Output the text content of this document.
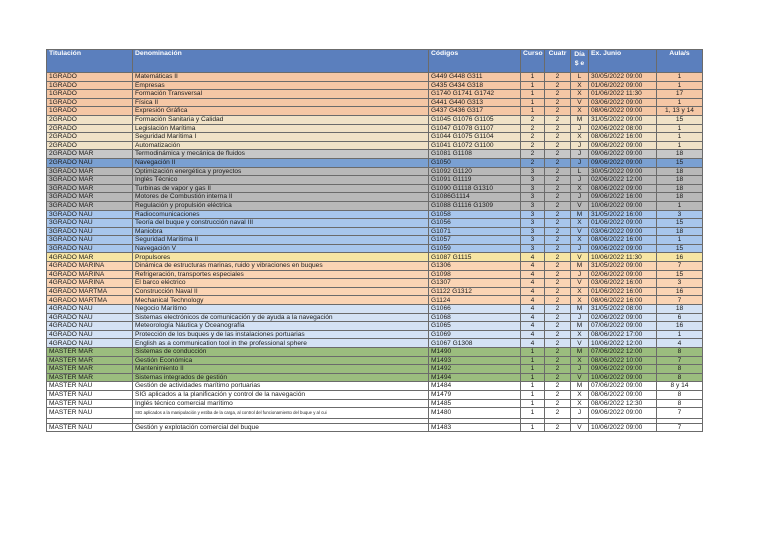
Titulación	Denominación	Códigos	Curso	Cuatr	Día$ e	Ex. Junio	Aula/s
1GRADO	Matemáticas II	G449 G448 G311	1	2	L	30/05/2022 09:00	1
1GRADO	Empresas	G435 G434 G318	1	2	X	01/06/2022 09:00	1
1GRADO	Formación Transversal	G1740 G1741 G1742	1	2	X	01/06/2022 11:30	17
1GRADO	Física II	G441 G440 G313	1	2	V	03/06/2022 09:00	1
1GRADO	Expresión Gráfica	G437 G436 G317	1	2	X	08/06/2022 09:00	1, 13 y 14
2GRADO	Formación Sanitaria y Calidad	G1045 G1076 G1105	2	2	M	31/05/2022 09:00	15
2GRADO	Legislación Marítima	G1047 G1078 G1107	2	2	J	02/06/2022 08:00	1
2GRADO	Seguridad Marítima I	G1044 G1075 G1104	2	2	X	08/06/2022 16:00	1
2GRADO	Automatización	G1041 G1072 G1100	2	2	J	09/06/2022 09:00	1
2GRADO MAR	Termodinámica y mecánica de fluidos	G1081 G1108	2	2	J	09/06/2022 09:00	18
2GRADO NAU	Navegación II	G1050	2	2	J	09/06/2022 09:00	15
3GRADO MAR	Optimización energética y proyectos	G1092 G1120	3	2	L	30/05/2022 09:00	18
3GRADO MAR	Inglés Técnico	G1091 G1119	3	2	J	02/06/2022 12:00	18
3GRADO MAR	Turbinas de vapor y gas II	G1090 G1118 G1310	3	2	X	08/06/2022 09:00	18
3GRADO MAR	Motores de Combustión interna II	G1086G1114	3	2	J	09/06/2022 16:00	18
3GRADO MAR	Regulación y propulsión eléctrica	G1088 G1116 G1309	3	2	V	10/06/2022 09:00	1
3GRADO NAU	Radiocomunicaciones	G1058	3	2	M	31/05/2022 16:00	3
3GRADO NAU	Teoría del buque y construcción naval III	G1056	3	2	X	01/06/2022 09:00	15
3GRADO NAU	Maniobra	G1071	3	2	V	03/06/2022 09:00	18
3GRADO NAU	Seguridad Marítima II	G1057	3	2	X	08/06/2022 16:00	1
3GRADO NAU	Navegación V	G1059	3	2	J	09/06/2022 09:00	15
4GRADO MAR	Propulsores	G1087 G1115	4	2	V	10/06/2022 11:30	16
4GRADO MARINA	Dinámica de estructuras marinas, ruido y vibraciones en buques	G1306	4	2	M	31/05/2022 09:00	7
4GRADO MARINA	Refrigeración, transportes especiales	G1098	4	2	J	02/06/2022 09:00	15
4GRADO MARINA	El barco eléctrico	G1307	4	2	V	03/06/2022 16:00	3
4GRADO MARTMA	Construcción Naval II	G1122 G1312	4	2	X	01/06/2022 16:00	16
4GRADO MARTMA	Mechanical Technology	G1124	4	2	X	08/06/2022 16:00	7
4GRADO NAU	Negocio Marítimo	G1066	4	2	M	31/05/2022 08:00	18
4GRADO NAU	Sistemas electrónicos de comunicación y de ayuda a la navegación	G1068	4	2	J	02/06/2022 09:00	6
4GRADO NAU	Meteorología Náutica y Oceanografía	G1065	4	2	M	07/06/2022 09:00	16
4GRADO NAU	Protección de los buques y de las instalaciones portuarias	G1069	4	2	X	08/06/2022 17:00	1
4GRADO NAU	English as a communication tool in the professional sphere	G1067 G1308	4	2	V	10/06/2022 12:00	4
MASTER MAR	Sistemas de conducción	M1490	1	2	M	07/06/2022 12:00	8
MASTER MAR	Gestión Económica	M1493	1	2	X	08/06/2022 10:00	7
MASTER MAR	Mantenimiento II	M1492	1	2	J	09/06/2022 09:00	8
MASTER MAR	Sistemas integrados de gestión	M1494	1	2	V	10/06/2022 09:00	8
MASTER NAU	Gestión de actividades marítimo portuarias	M1484	1	2	M	07/06/2022 09:00	8 y 14
MASTER NAU	SIG aplicados a la planificación y control de la navegación	M1479	1	2	X	08/06/2022 09:00	8
MASTER NAU	Inglés técnico comercial marítimo	M1485	1	2	X	08/06/2022 12:30	8
MASTER NAU	SIG aplicados a la manipulación y estiba de la carga, al control del funcionamiento del buque y al cui	M1480	1	2	J	09/06/2022 09:00	7

MASTER NAU	Gestión y explotación comercial del buque	M1483	1	2	V	10/06/2022 09:00	7
